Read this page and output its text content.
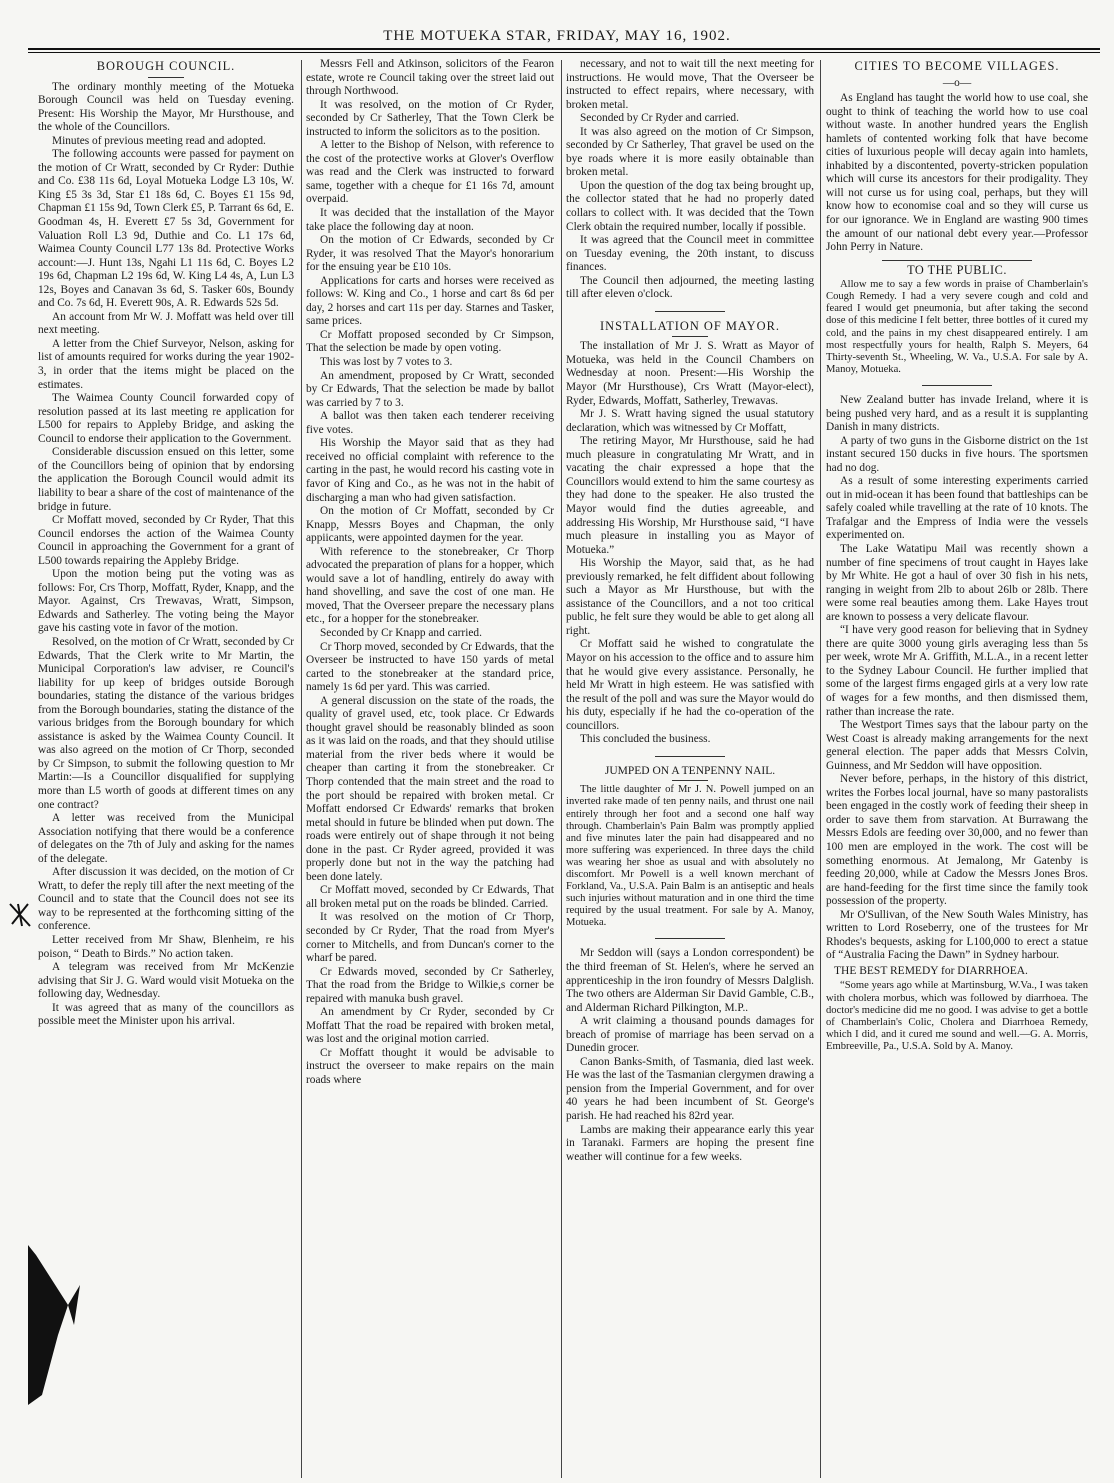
THE MOTUEKA STAR, FRIDAY, MAY 16, 1902.

BOROUGH COUNCIL.

The ordinary monthly meeting of the Motueka Borough Council was held on Tuesday evening. Present: His Worship the Mayor, Mr Hursthouse, and the whole of the Councillors.

Minutes of previous meeting read and adopted.

The following accounts were passed for payment on the motion of Cr Wratt, seconded by Cr Ryder: Duthie and Co. £38 11s 6d, Loyal Motueka Lodge L3 10s, W. King £5 3s 3d, Star £1 18s 6d, C. Boyes £1 15s 9d, Chapman £1 15s 9d, Town Clerk £5, P. Tarrant 6s 6d, E. Goodman 4s, H. Everett £7 5s 3d, Government for Valuation Roll L3 9d, Duthie and Co. L1 17s 6d, Waimea County Council L77 13s 8d. Protective Works account:—J. Hunt 13s, Ngahi L1 11s 6d, C. Boyes L2 19s 6d, Chapman L2 19s 6d, W. King L4 4s, A, Lun L3 12s, Boyes and Canavan 3s 6d, S. Tasker 60s, Boundy and Co. 7s 6d, H. Everett 90s, A. R. Edwards 52s 5d.

An account from Mr W. J. Moffatt was held over till next meeting.

A letter from the Chief Surveyor, Nelson, asking for list of amounts required for works during the year 1902-3, in order that the items might be placed on the estimates.

The Waimea County Council forwarded copy of resolution passed at its last meeting re application for L500 for repairs to Appleby Bridge, and asking the Council to endorse their application to the Government.

Considerable discussion ensued on this letter, some of the Councillors being of opinion that by endorsing the application the Borough Council would admit its liability to bear a share of the cost of maintenance of the bridge in future.

Cr Moffatt moved, seconded by Cr Ryder, That this Council endorses the action of the Waimea County Council in approaching the Government for a grant of L500 towards repairing the Appleby Bridge.

Upon the motion being put the voting was as follows: For, Crs Thorp, Moffatt, Ryder, Knapp, and the Mayor. Against, Crs Trewavas, Wratt, Simpson, Edwards and Satherley. The voting being the Mayor gave his casting vote in favor of the motion.

Resolved, on the motion of Cr Wratt, seconded by Cr Edwards, That the Clerk write to Mr Martin, the Municipal Corporation's law adviser, re Council's liability for up keep of bridges outside Borough boundaries, stating the distance of the various bridges from the Borough boundaries, stating the distance of the various bridges from the Borough boundary for which assistance is asked by the Waimea County Council. It was also agreed on the motion of Cr Thorp, seconded by Cr Simpson, to submit the following question to Mr Martin:—Is a Councillor disqualified for supplying more than L5 worth of goods at different times on any one contract?

A letter was received from the Municipal Association notifying that there would be a conference of delegates on the 7th of July and asking for the names of the delegate.

After discussion it was decided, on the motion of Cr Wratt, to defer the reply till after the next meeting of the Council and to state that the Council does not see its way to be represented at the forthcoming sitting of the conference.

Letter received from Mr Shaw, Blenheim, re his poison, “ Death to Birds.” No action taken.

A telegram was received from Mr McKenzie advising that Sir J. G. Ward would visit Motueka on the following day, Wednesday.

It was agreed that as many of the councillors as possible meet the Minister upon his arrival.

Messrs Fell and Atkinson, solicitors of the Fearon estate, wrote re Council taking over the street laid out through Northwood.

It was resolved, on the motion of Cr Ryder, seconded by Cr Satherley, That the Town Clerk be instructed to inform the solicitors as to the position.

A letter to the Bishop of Nelson, with reference to the cost of the protective works at Glover's Overflow was read and the Clerk was instructed to forward same, together with a cheque for £1 16s 7d, amount overpaid.

It was decided that the installation of the Mayor take place the following day at noon.

On the motion of Cr Edwards, seconded by Cr Ryder, it was resolved That the Mayor's honorarium for the ensuing year be £10 10s.

Applications for carts and horses were received as follows: W. King and Co., 1 horse and cart 8s 6d per day, 2 horses and cart 11s per day. Starnes and Tasker, same prices.

Cr Moffatt proposed seconded by Cr Simpson, That the selection be made by open voting.

This was lost by 7 votes to 3.

An amendment, proposed by Cr Wratt, seconded by Cr Edwards, That the selection be made by ballot was carried by 7 to 3.

A ballot was then taken each tenderer receiving five votes.

His Worship the Mayor said that as they had received no official complaint with reference to the carting in the past, he would record his casting vote in favor of King and Co., as he was not in the habit of discharging a man who had given satisfaction.

On the motion of Cr Moffatt, seconded by Cr Knapp, Messrs Boyes and Chapman, the only appiicants, were appointed daymen for the year.

With reference to the stonebreaker, Cr Thorp advocated the preparation of plans for a hopper, which would save a lot of handling, entirely do away with hand shovelling, and save the cost of one man. He moved, That the Overseer prepare the necessary plans etc., for a hopper for the stonebreaker.

Seconded by Cr Knapp and carried.

Cr Thorp moved, seconded by Cr Edwards, that the Overseer be instructed to have 150 yards of metal carted to the stonebreaker at the standard price, namely 1s 6d per yard. This was carried.

A general discussion on the state of the roads, the quality of gravel used, etc, took place. Cr Edwards thought gravel should be reasonably blinded as soon as it was laid on the roads, and that they should utilise material from the river beds where it would be cheaper than carting it from the stonebreaker. Cr Thorp contended that the main street and the road to the port should be repaired with broken metal. Cr Moffatt endorsed Cr Edwards' remarks that broken metal should in future be blinded when put down. The roads were entirely out of shape through it not being done in the past. Cr Ryder agreed, provided it was properly done but not in the way the patching had been done lately.

Cr Moffatt moved, seconded by Cr Edwards, That all broken metal put on the roads be blinded. Carried.

It was resolved on the motion of Cr Thorp, seconded by Cr Ryder, That the road from Myer's corner to Mitchells, and from Duncan's corner to the wharf be pared.

Cr Edwards moved, seconded by Cr Satherley, That the road from the Bridge to Wilkie,s corner be repaired with manuka bush gravel.

An amendment by Cr Ryder, seconded by Cr Moffatt That the road be repaired with broken metal, was lost and the original motion carried.

Cr Moffatt thought it would be advisable to instruct the overseer to make repairs on the main roads where

necessary, and not to wait till the next meeting for instructions. He would move, That the Overseer be instructed to effect repairs, where necessary, with broken metal.

Seconded by Cr Ryder and carried.

It was also agreed on the motion of Cr Simpson, seconded by Cr Satherley, That gravel be used on the bye roads where it is more easily obtainable than broken metal.

Upon the question of the dog tax being brought up, the collector stated that he had no properly dated collars to collect with. It was decided that the Town Clerk obtain the required number, locally if possible.

It was agreed that the Council meet in committee on Tuesday evening, the 20th instant, to discuss finances.

The Council then adjourned, the meeting lasting till after eleven o'clock.

INSTALLATION OF MAYOR.

The installation of Mr J. S. Wratt as Mayor of Motueka, was held in the Council Chambers on Wednesday at noon. Present:—His Worship the Mayor (Mr Hursthouse), Crs Wratt (Mayor-elect), Ryder, Edwards, Moffatt, Satherley, Trewavas.

Mr J. S. Wratt having signed the usual statutory declaration, which was witnessed by Cr Moffatt,

The retiring Mayor, Mr Hursthouse, said he had much pleasure in congratulating Mr Wratt, and in vacating the chair expressed a hope that the Councillors would extend to him the same courtesy as they had done to the speaker. He also trusted the Mayor would find the duties agreeable, and addressing His Worship, Mr Hursthouse said, “I have much pleasure in installing you as Mayor of Motueka.”

His Worship the Mayor, said that, as he had previously remarked, he felt diffident about following such a Mayor as Mr Hursthouse, but with the assistance of the Councillors, and a not too critical public, he felt sure they would be able to get along all right.

Cr Moffatt said he wished to congratulate the Mayor on his accession to the office and to assure him that he would give every assistance. Personally, he held Mr Wratt in high esteem. He was satisfied with the result of the poll and was sure the Mayor would do his duty, especially if he had the co-operation of the councillors.

This concluded the business.

JUMPED ON A TENPENNY NAIL.

The little daughter of Mr J. N. Powell jumped on an inverted rake made of ten penny nails, and thrust one nail entirely through her foot and a second one half way through. Chamberlain's Pain Balm was promptly applied and five minutes later the pain had disappeared and no more suffering was experienced. In three days the child was wearing her shoe as usual and with absolutely no discomfort. Mr Powell is a well known merchant of Forkland, Va., U.S.A. Pain Balm is an antiseptic and heals such injuries without maturation and in one third the time required by the usual treatment. For sale by A. Manoy, Motueka.

Mr Seddon will (says a London correspondent) be the third freeman of St. Helen's, where he served an apprenticeship in the iron foundry of Messrs Dalglish. The two others are Alderman Sir David Gamble, C.B., and Alderman Richard Pilkington, M.P..

A writ claiming a thousand pounds damages for breach of promise of marriage has been servad on a Dunedin grocer.

Canon Banks-Smith, of Tasmania, died last week. He was the last of the Tasmanian clergymen drawing a pension from the Imperial Government, and for over 40 years he had been incumbent of St. George's parish. He had reached his 82rd year.

Lambs are making their appearance early this year in Taranaki. Farmers are hoping the present fine weather will continue for a few weeks.

CITIES TO BECOME VILLAGES.

—o—

As England has taught the world how to use coal, she ought to think of teaching the world how to use coal without waste. In another hundred years the English hamlets of contented working folk that have become cities of luxurious people will decay again into hamlets, inhabited by a discontented, poverty-stricken population which will curse its ancestors for their prodigality. They will not curse us for using coal, perhaps, but they will know how to economise coal and so they will curse us for our ignorance. We in England are wasting 900 times the amount of our national debt every year.—Professor John Perry in Nature.

TO THE PUBLIC.

Allow me to say a few words in praise of Chamberlain's Cough Remedy. I had a very severe cough and cold and feared I would get pneumonia, but after taking the second dose of this medicine I felt better, three bottles of it cured my cold, and the pains in my chest disappeared entirely. I am most respectfully yours for health, Ralph S. Meyers, 64 Thirty-seventh St., Wheeling, W. Va., U.S.A. For sale by A. Manoy, Motueka.

New Zealand butter has invade Ireland, where it is being pushed very hard, and as a result it is supplanting Danish in many districts.

A party of two guns in the Gisborne district on the 1st instant secured 150 ducks in five hours. The sportsmen had no dog.

As a result of some interesting experiments carried out in mid-ocean it has been found that battleships can be safely coaled while travelling at the rate of 10 knots. The Trafalgar and the Empress of India were the vessels experimented on.

The Lake Watatipu Mail was recently shown a number of fine specimens of trout caught in Hayes lake by Mr White. He got a haul of over 30 fish in his nets, ranging in weight from 2lb to about 26lb or 28lb. There were some real beauties among them. Lake Hayes trout are known to possess a very delicate flavour.

“I have very good reason for believing that in Sydney there are quite 3000 young girls averaging less than 5s per week, wrote Mr A. Griffith, M.L.A., in a recent letter to the Sydney Labour Council. He further implied that some of the largest firms engaged girls at a very low rate of wages for a few months, and then dismissed them, rather than increase the rate.

The Westport Times says that the labour party on the West Coast is already making arrangements for the next general election. The paper adds that Messrs Colvin, Guinness, and Mr Seddon will have opposition.

Never before, perhaps, in the history of this district, writes the Forbes local journal, have so many pastoralists been engaged in the costly work of feeding their sheep in order to save them from starvation. At Burrawang the Messrs Edols are feeding over 30,000, and no fewer than 100 men are employed in the work. The cost will be something enormous. At Jemalong, Mr Gatenby is feeding 20,000, while at Cadow the Messrs Jones Bros. are hand-feeding for the first time since the family took possession of the property.

Mr O'Sullivan, of the New South Wales Ministry, has written to Lord Roseberry, one of the trustees for Mr Rhodes's bequests, asking for L100,000 to erect a statue of “Australia Facing the Dawn” in Sydney harbour.

THE BEST REMEDY for DIARRHOEA.

“Some years ago while at Martinsburg, W.Va., I was taken with cholera morbus, which was followed by diarrhoea. The doctor's medicine did me no good. I was advise to get a bottle of Chamberlain's Colic, Cholera and Diarrhoea Remedy, which I did, and it cured me sound and well.—G. A. Morris, Embreeville, Pa., U.S.A. Sold by A. Manoy.
